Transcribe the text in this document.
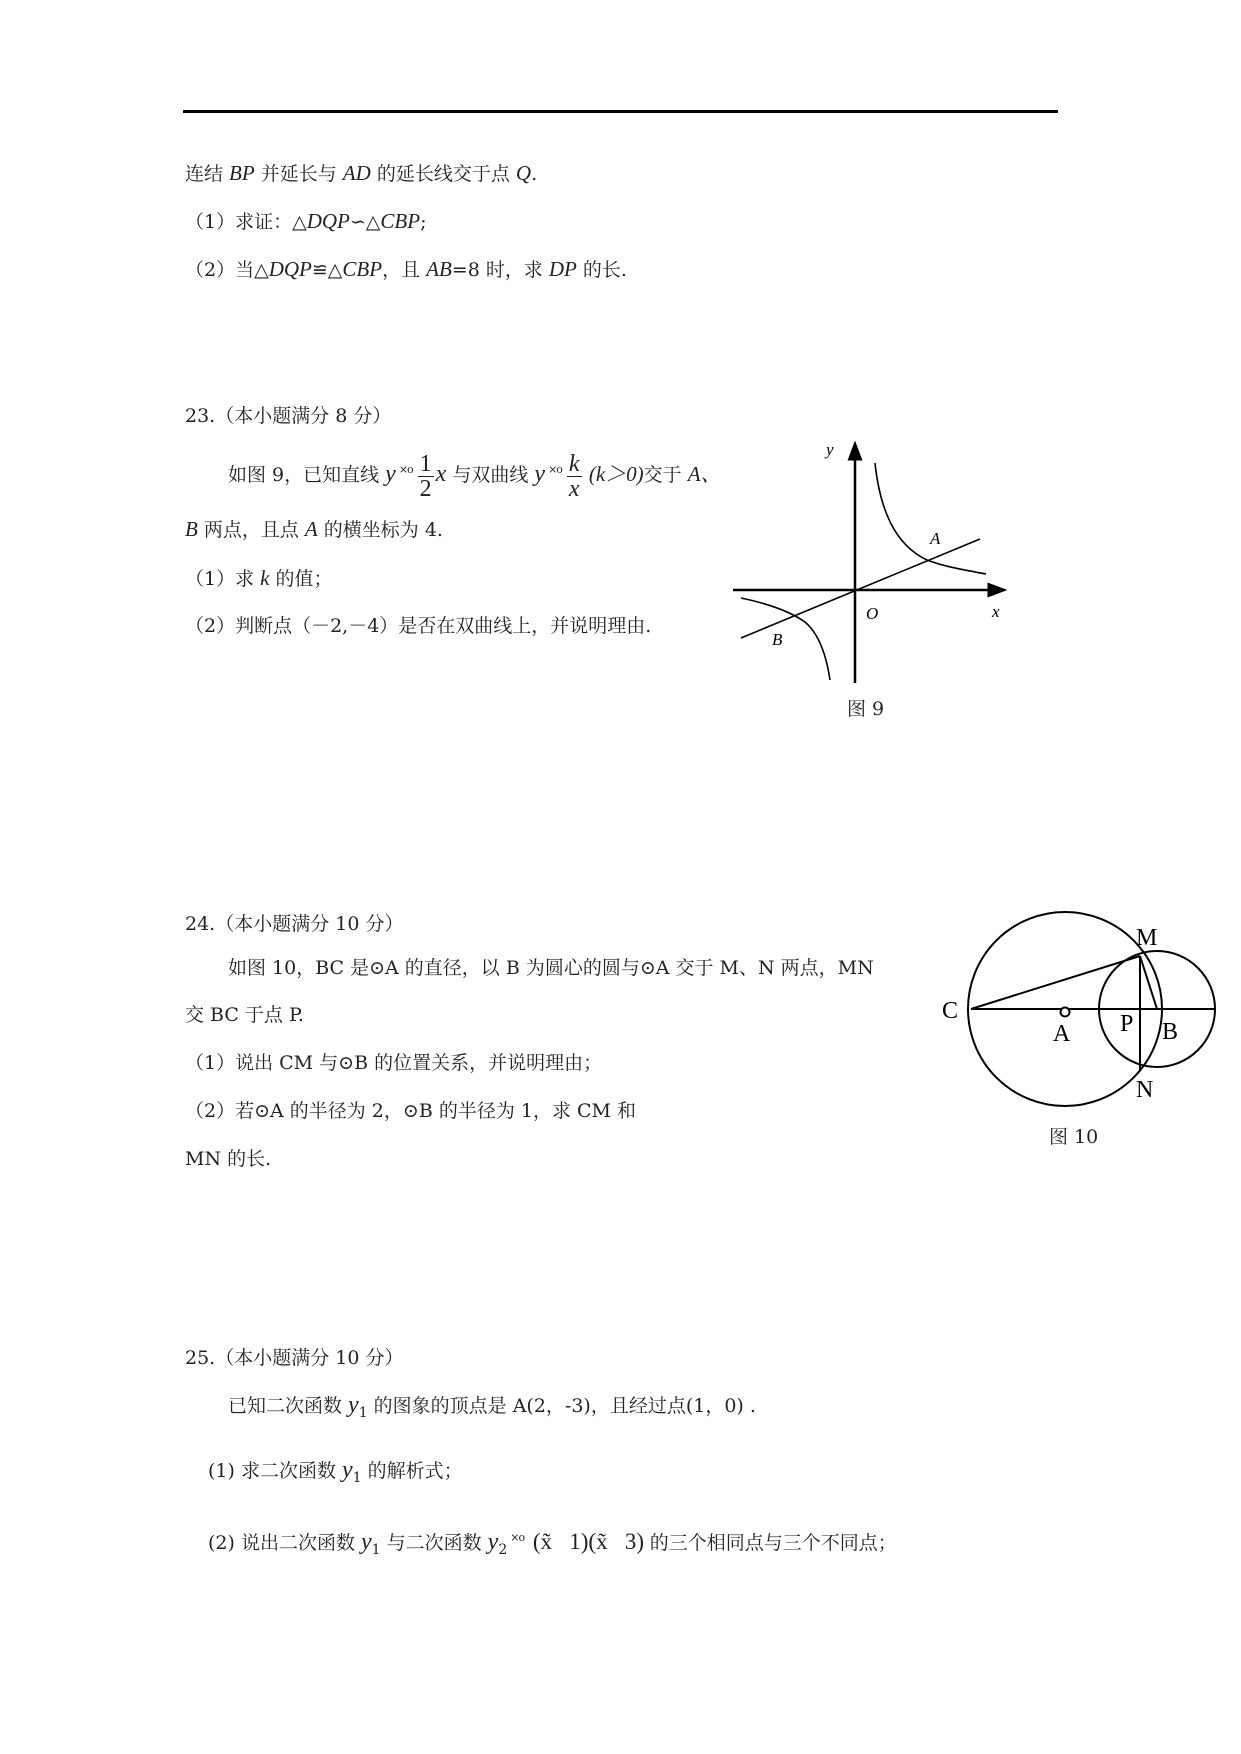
连结 BP 并延长与 AD 的延长线交于点 Q.
（1）求证：△DQP∽△CBP;
（2）当△DQP≌△CBP，且 AB=8 时，求 DP 的长.
23.（本小题满分 8 分）
如图 9，已知直线 y $^{\times o} \frac{1}{2}$ x 与双曲线 y $^{\times o} \frac{k}{x} (k>0)$交于 A、
B 两点，且点 A 的横坐标为 4.
（1）求 k 的值；
（2）判断点（－2,－4）是否在双曲线上，并说明理由.
y
x
O
A
B
图 9
24.（本小题满分 10 分）
如图 10，BC 是⊙A 的直径，以 B 为圆心的圆与⊙A 交于 M、N 两点，MN
交 BC 于点 P.
（1）说出 CM 与⊙B 的位置关系，并说明理由；
（2）若⊙A 的半径为 2，⊙B 的半径为 1，求 CM 和
MN 的长.
C
A P B
M
N
图 10
25.（本小题满分 10 分）
已知二次函数 $y_1$ 的图象的顶点是 A(2，-3)，且经过点(1，0) .
(1) 求二次函数 $y_1$ 的解析式；
(2) 说出二次函数 $y_1$ 与二次函数 $y_2^{\times o}$ (x̃   1)(x̃   3) 的三个相同点与三个不同点；
